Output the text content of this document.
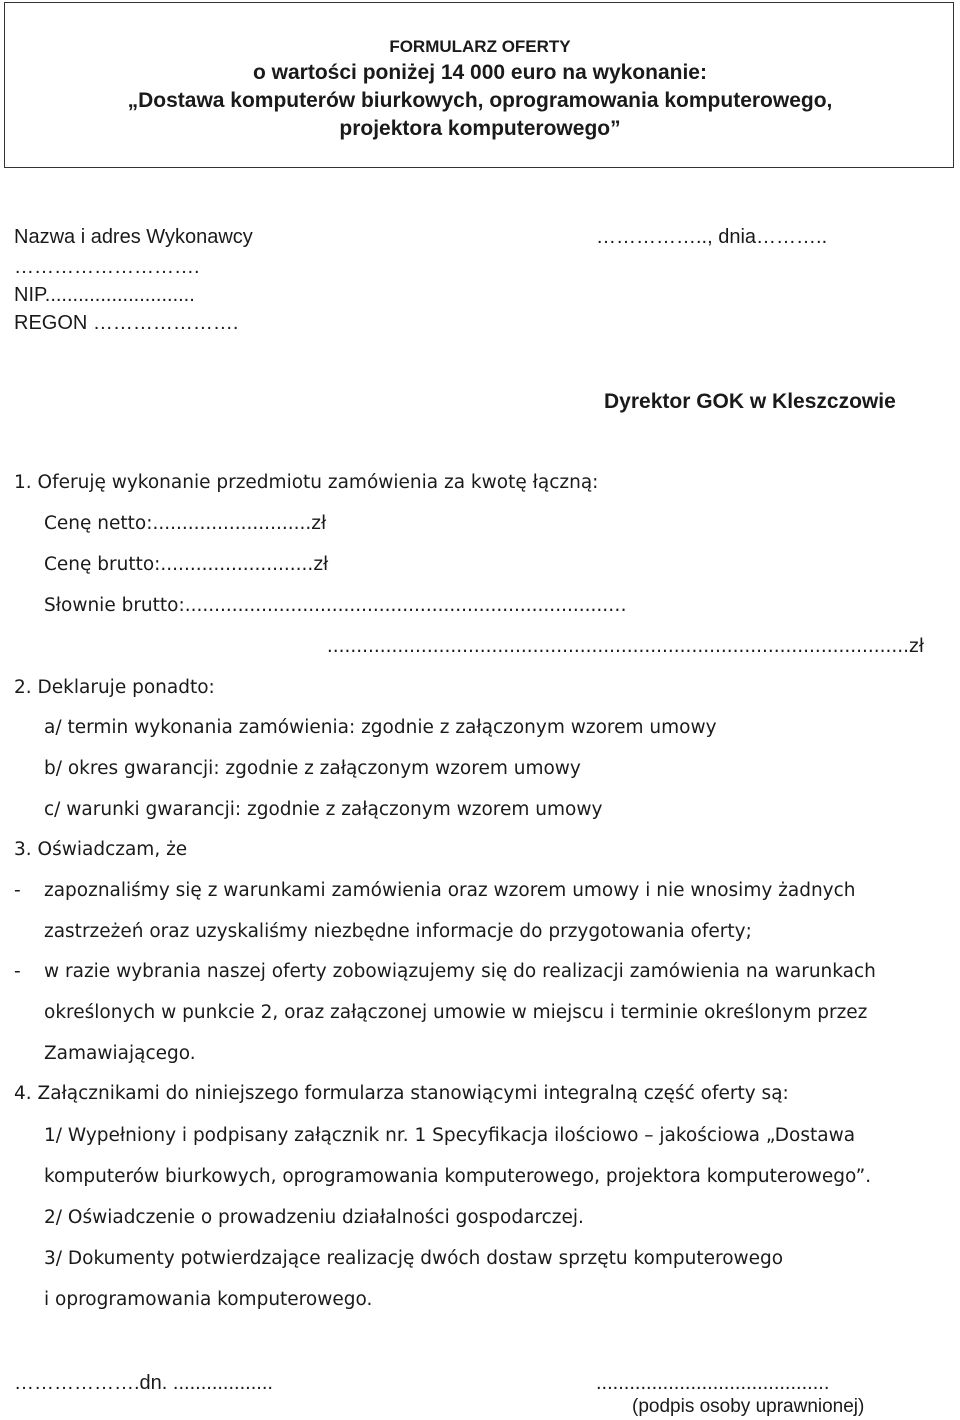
FORMULARZ OFERTY
o wartości poniżej 14 000 euro na wykonanie:
„Dostawa komputerów biurkowych, oprogramowania komputerowego,
projektora komputerowego”
Nazwa i adres Wykonawcy	…………….., dnia………..
……………………….
NIP...........................
REGON ………………….
Dyrektor GOK w Kleszczowie
1. Oferuję wykonanie przedmiotu zamówienia za kwotę łączną:
Cenę netto:...........................zł
Cenę brutto:..........................zł
Słownie brutto:........................................................................…
...................................................................................................zł
2. Deklaruje ponadto:
a/ termin wykonania zamówienia: zgodnie z załączonym wzorem umowy
b/ okres gwarancji: zgodnie z załączonym wzorem umowy
c/ warunki gwarancji: zgodnie z załączonym wzorem umowy
3. Oświadczam, że
- zapoznaliśmy się z warunkami zamówienia oraz wzorem umowy i nie wnosimy żadnych
zastrzeżeń oraz uzyskaliśmy niezbędne informacje do przygotowania oferty;
- w razie wybrania naszej oferty zobowiązujemy się do realizacji zamówienia na warunkach
określonych w punkcie 2, oraz załączonej umowie w miejscu i terminie określonym przez
Zamawiającego.
4. Załącznikami do niniejszego formularza stanowiącymi integralną część oferty są:
1/ Wypełniony i podpisany załącznik nr. 1 Specyfikacja ilościowo – jakościowa „Dostawa
komputerów biurkowych, oprogramowania komputerowego, projektora komputerowego”.
2/ Oświadczenie o prowadzeniu działalności gospodarczej.
3/ Dokumenty potwierdzające realizację dwóch dostaw sprzętu komputerowego
i oprogramowania komputerowego.
……………….dn. ..................	..........................................
(podpis osoby uprawnionej)
